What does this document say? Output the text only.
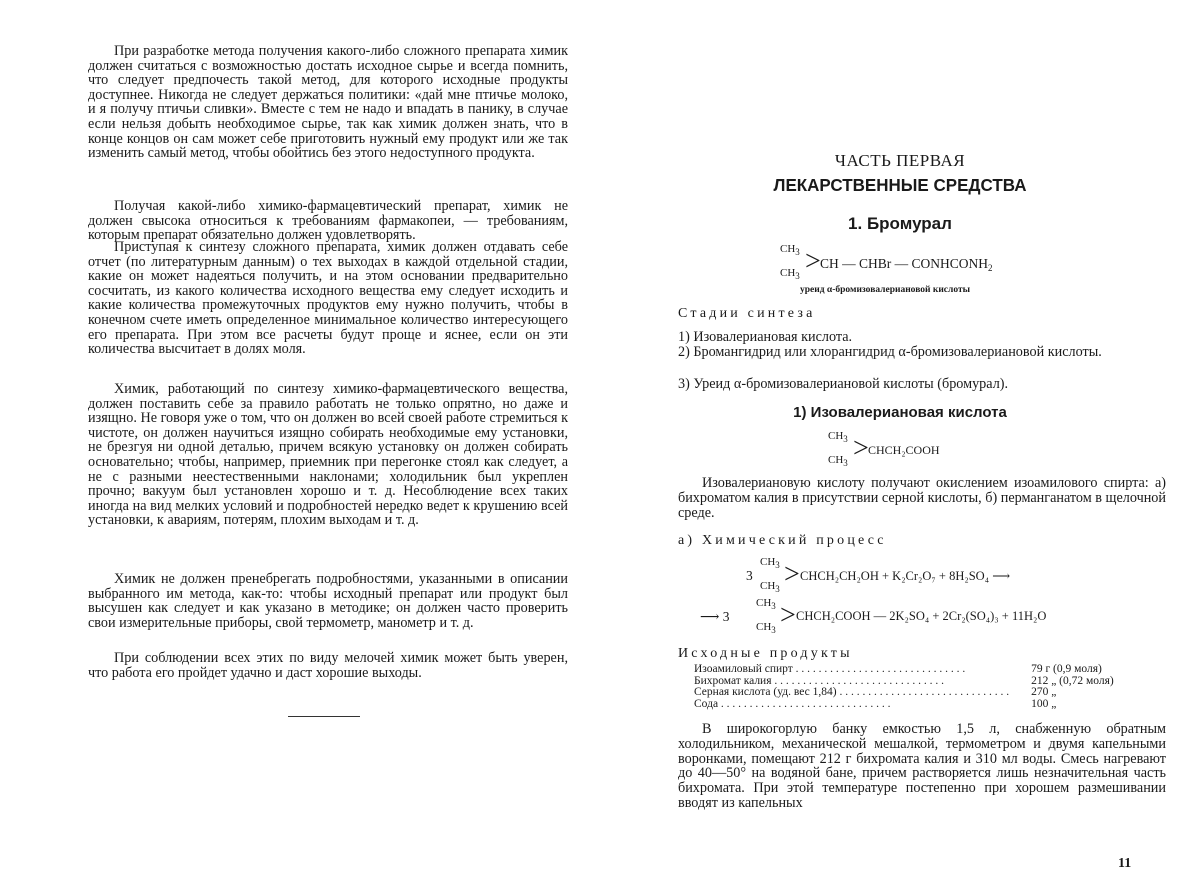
При разработке метода получения какого-либо сложного препарата химик должен считаться с возможностью достать исходное сырье и всегда помнить, что следует предпочесть такой метод, для которого исходные продукты доступнее. Никогда не следует держаться политики: «дай мне птичье молоко, и я получу птичьи сливки». Вместе с тем не надо и впадать в панику, в случае если нельзя добыть необходимое сырье, так как химик должен знать, что в конце концов он сам может себе приготовить нужный ему продукт или же так изменить самый метод, чтобы обойтись без этого недоступного продукта.

Получая какой-либо химико-фармацевтический препарат, химик не должен свысока относиться к требованиям фармакопеи, — требованиям, которым препарат обязательно должен удовлетворять.

Приступая к синтезу сложного препарата, химик должен отдавать себе отчет (по литературным данным) о тех выходах в каждой отдельной стадии, какие он может надеяться получить, и на этом основании предварительно сосчитать, из какого количества исходного вещества ему следует исходить и какие количества промежуточных продуктов ему нужно получить, чтобы в конечном счете иметь определенное минимальное количество интересующего его препарата. При этом все расчеты будут проще и яснее, если он эти количества высчитает в долях моля.

Химик, работающий по синтезу химико-фармацевтического вещества, должен поставить себе за правило работать не только опрятно, но даже и изящно. Не говоря уже о том, что он должен во всей своей работе стремиться к чистоте, он должен научиться изящно собирать необходимые ему установки, не брезгуя ни одной деталью, причем всякую установку он должен собирать основательно; чтобы, например, приемник при перегонке стоял как следует, а не с разными неестественными наклонами; холодильник был укреплен прочно; вакуум был установлен хорошо и т. д. Несоблюдение всех таких иногда на вид мелких условий и подробностей нередко ведет к крушению всей установки, к авариям, потерям, плохим выходам и т. д.

Химик не должен пренебрегать подробностями, указанными в описании выбранного им метода, как-то: чтобы исходный препарат или продукт был высушен как следует и как указано в методике; он должен часто проверить свои измерительные приборы, свой термометр, манометр и т. д.

При соблюдении всех этих по виду мелочей химик может быть уверен, что работа его пройдет удачно и даст хорошие выходы.

ЧАСТЬ ПЕРВАЯ
ЛЕКАРСТВЕННЫЕ СРЕДСТВА
1. Бромурал
$CH_3$
$CH_3$ > CH — CHBr — $CONHCONH_2$
уреид α-бромизовалериановой кислоты
Стадии синтеза
1) Изовалериановая кислота.
2) Бромангидрид или хлорангидрид α-бромизовалериановой кислоты.
3) Уреид α-бромизовалериановой кислоты (бромурал).
1) Изовалериановая кислота
$CH_3$
$CH_3$ > CHCH₂COOH

Изовалериановую кислоту получают окислением изоамилового спирта: а) бихроматом калия в присутствии серной кислоты, б) перманганатом в щелочной среде.

а) Химический процесс
3
$CH_3$
$CH_3$ > CHCH₂CH₂OH + K₂Cr₂O₇ + 8H₂SO₄ ⟶
⟶ 3
$CH_3$
$CH_3$ > CHCH₂COOH — 2K₂SO₄ + 2Cr₂(SO₄)₃ + 11H₂O
Исходные продукты
Изоамиловый спирт . . . . . . . . . . . . . . . . . . . . . . . . . . . . . .	79 г (0,9 моля)
Бихромат калия . . . . . . . . . . . . . . . . . . . . . . . . . . . . . .	212 „ (0,72 моля)
Серная кислота (уд. вес 1,84) . . . . . . . . . . . . . . . . . . . . . . . . . . . . . .	270 „
Сода . . . . . . . . . . . . . . . . . . . . . . . . . . . . . .	100 „

В широкогорлую банку емкостью 1,5 л, снабженную обратным холодильником, механической мешалкой, термометром и двумя капельными воронками, помещают 212 г бихромата калия и 310 мл воды. Смесь нагревают до 40—50° на водяной бане, причем растворяется лишь незначительная часть бихромата. При этой температуре постепенно при хорошем размешивании вводят из капельных

11
